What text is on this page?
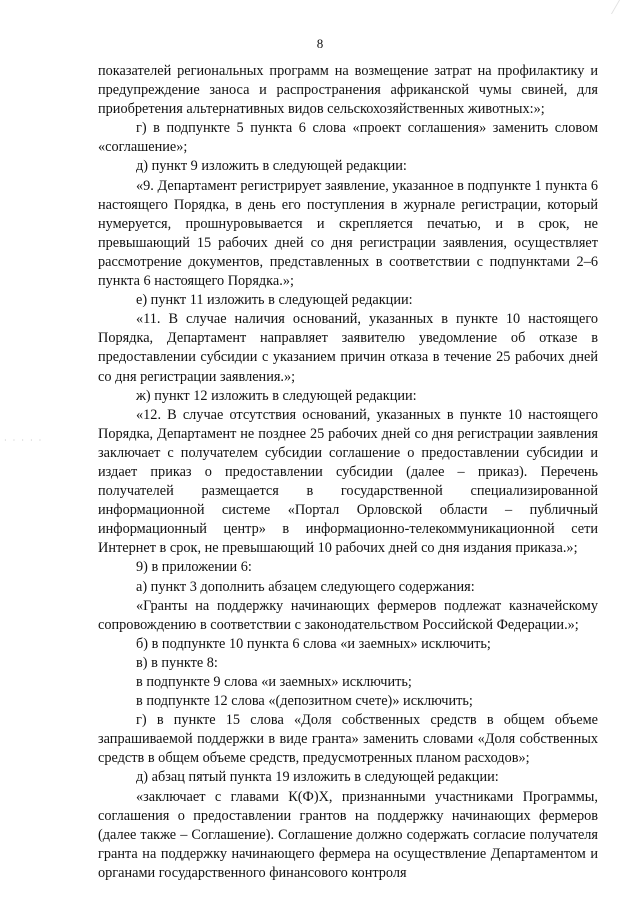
· · · · ·
8

показателей региональных программ на возмещение затрат на профилактику и предупреждение заноса и распространения африканской чумы свиней, для приобретения альтернативных видов сельскохозяйственных животных:»;

г) в подпункте 5 пункта 6 слова «проект соглашения» заменить словом «соглашение»;

д) пункт 9 изложить в следующей редакции:

«9. Департамент регистрирует заявление, указанное в подпункте 1 пункта 6 настоящего Порядка, в день его поступления в журнале регистрации, который нумеруется, прошнуровывается и скрепляется печатью, и в срок, не превышающий 15 рабочих дней со дня регистрации заявления, осуществляет рассмотрение документов, представленных в соответствии с подпунктами 2–6 пункта 6 настоящего Порядка.»;

е) пункт 11 изложить в следующей редакции:

«11. В случае наличия оснований, указанных в пункте 10 настоящего Порядка, Департамент направляет заявителю уведомление об отказе в предоставлении субсидии с указанием причин отказа в течение 25 рабочих дней со дня регистрации заявления.»;

ж) пункт 12 изложить в следующей редакции:

«12. В случае отсутствия оснований, указанных в пункте 10 настоящего Порядка, Департамент не позднее 25 рабочих дней со дня регистрации заявления заключает с получателем субсидии соглашение о предоставлении субсидии и издает приказ о предоставлении субсидии (далее – приказ). Перечень получателей размещается в государственной специализированной информационной системе «Портал Орловской области – публичный информационный центр» в информационно-телекоммуникационной сети Интернет в срок, не превышающий 10 рабочих дней со дня издания приказа.»;

9) в приложении 6:

а) пункт 3 дополнить абзацем следующего содержания:

«Гранты на поддержку начинающих фермеров подлежат казначейскому сопровождению в соответствии с законодательством Российской Федерации.»;

б) в подпункте 10 пункта 6 слова «и заемных» исключить;

в) в пункте 8:

в подпункте 9 слова «и заемных» исключить;

в подпункте 12 слова «(депозитном счете)» исключить;

г) в пункте 15 слова «Доля собственных средств в общем объеме запрашиваемой поддержки в виде гранта» заменить словами «Доля собственных средств в общем объеме средств, предусмотренных планом расходов»;

д) абзац пятый пункта 19 изложить в следующей редакции:

«заключает с главами К(Ф)Х, признанными участниками Программы, соглашения о предоставлении грантов на поддержку начинающих фермеров (далее также – Соглашение). Соглашение должно содержать согласие получателя гранта на поддержку начинающего фермера на осуществление Департаментом и органами государственного финансового контроля
